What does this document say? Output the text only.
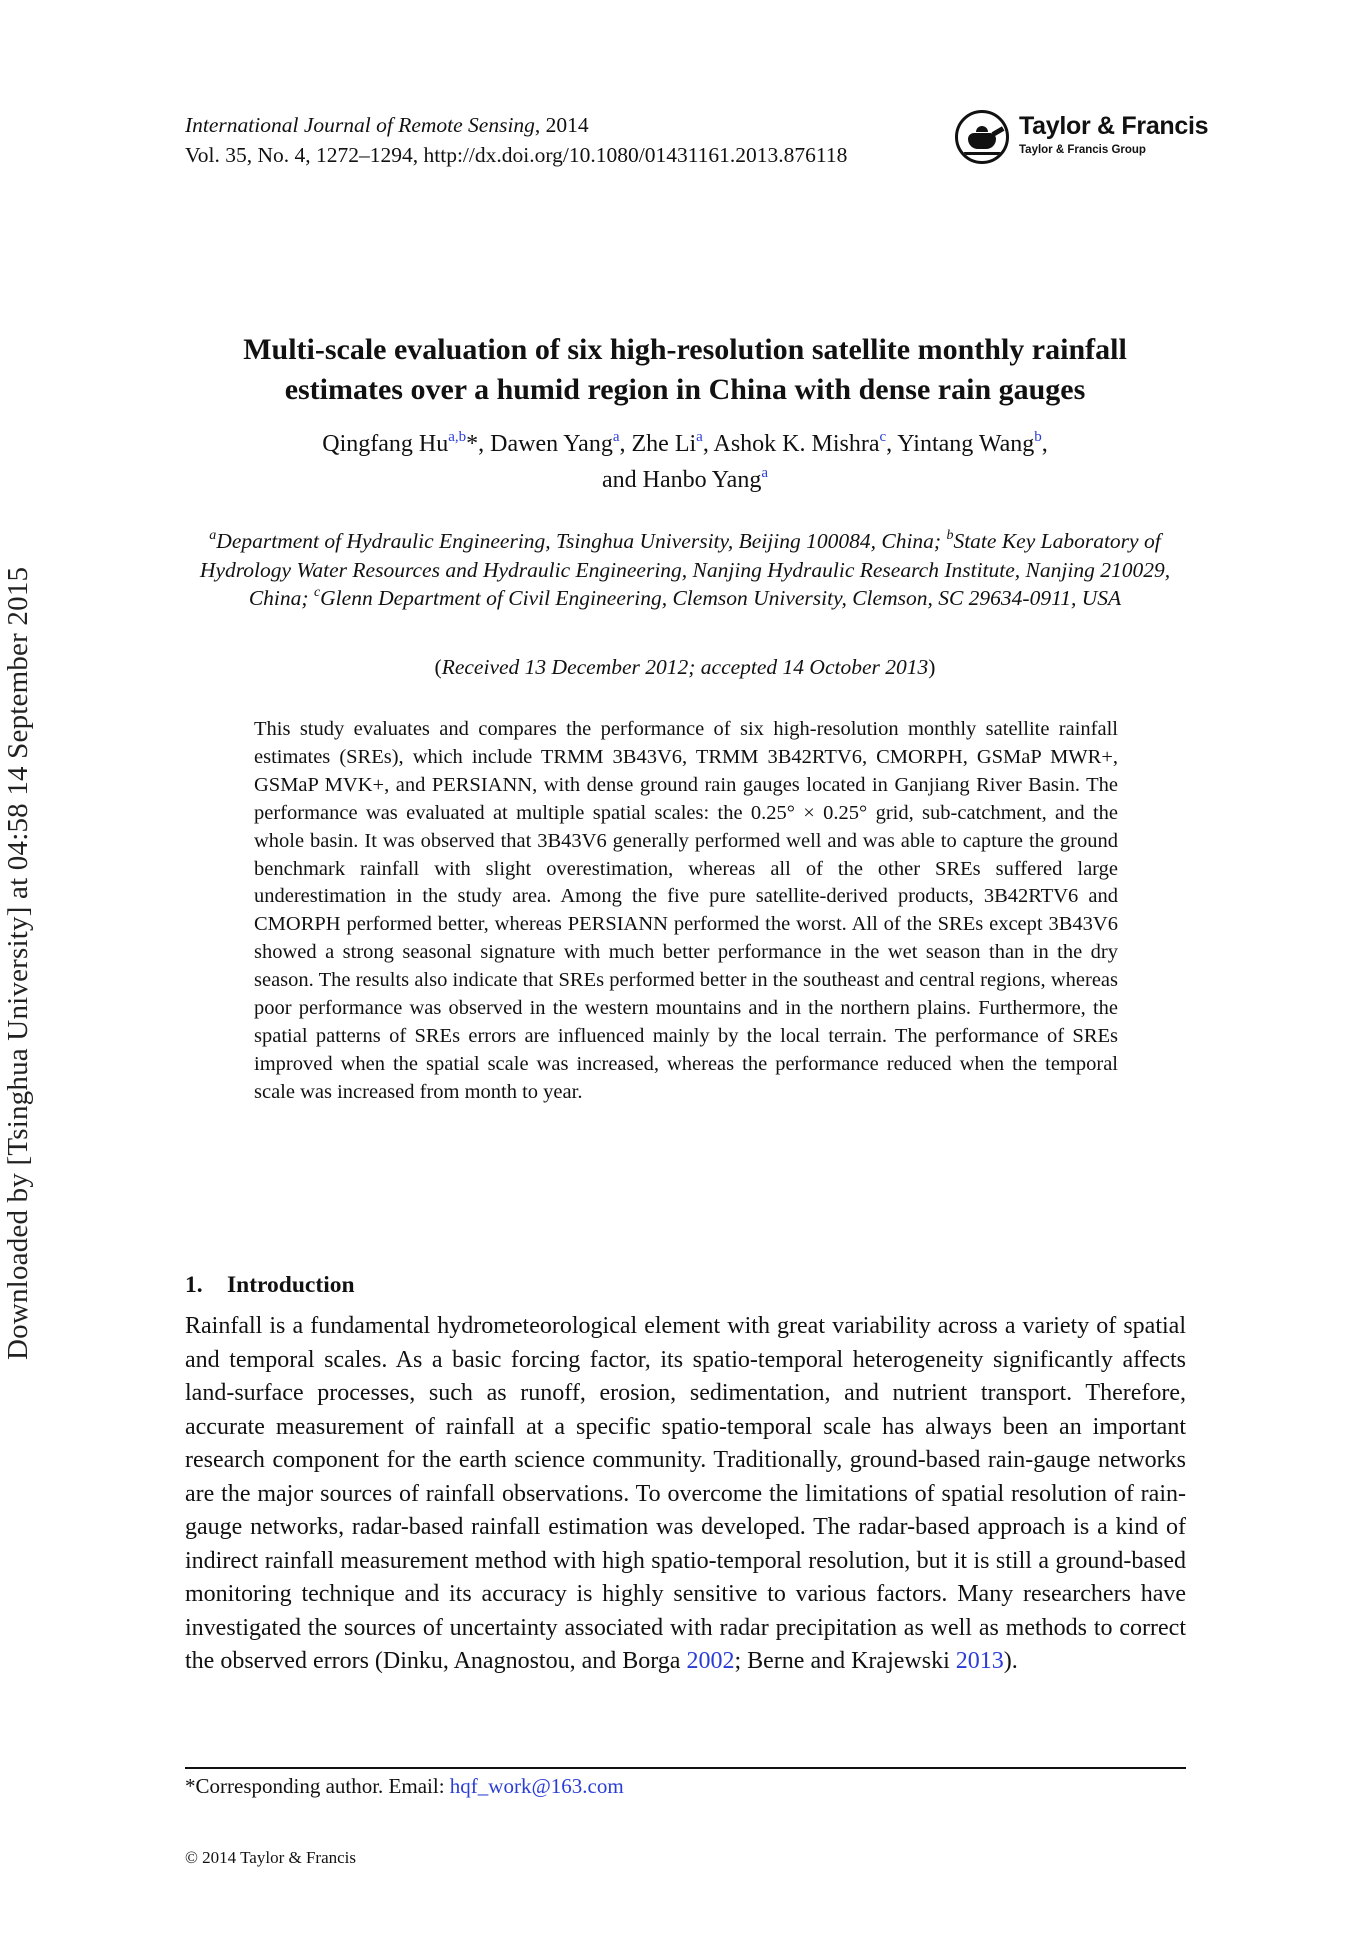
Downloaded by [Tsinghua University] at 04:58 14 September 2015
International Journal of Remote Sensing, 2014
Vol. 35, No. 4, 1272–1294, http://dx.doi.org/10.1080/01431161.2013.876118
Taylor & Francis
Taylor & Francis Group
Multi-scale evaluation of six high-resolution satellite monthly rainfall
estimates over a humid region in China with dense rain gauges
Qingfang Hu$^{a,b}$*, Dawen Yang$^a$, Zhe Li$^a$, Ashok K. Mishra$^c$, Yintang Wang$^b$,
and Hanbo Yang$^a$
$^a$Department of Hydraulic Engineering, Tsinghua University, Beijing 100084, China; $^b$State Key Laboratory of Hydrology Water Resources and Hydraulic Engineering, Nanjing Hydraulic Research Institute, Nanjing 210029, China; $^c$Glenn Department of Civil Engineering, Clemson University, Clemson, SC 29634-0911, USA
(Received 13 December 2012; accepted 14 October 2013)
This study evaluates and compares the performance of six high-resolution monthly satellite rainfall estimates (SREs), which include TRMM 3B43V6, TRMM 3B42RTV6, CMORPH, GSMaP MWR+, GSMaP MVK+, and PERSIANN, with dense ground rain gauges located in Ganjiang River Basin. The performance was evaluated at multiple spatial scales: the 0.25° × 0.25° grid, sub-catchment, and the whole basin. It was observed that 3B43V6 generally performed well and was able to capture the ground benchmark rainfall with slight overestimation, whereas all of the other SREs suffered large underestimation in the study area. Among the five pure satellite-derived products, 3B42RTV6 and CMORPH performed better, whereas PERSIANN performed the worst. All of the SREs except 3B43V6 showed a strong seasonal signature with much better performance in the wet season than in the dry season. The results also indicate that SREs performed better in the southeast and central regions, whereas poor performance was observed in the western mountains and in the northern plains. Furthermore, the spatial patterns of SREs errors are influenced mainly by the local terrain. The performance of SREs improved when the spatial scale was increased, whereas the performance reduced when the temporal scale was increased from month to year.
1. Introduction
Rainfall is a fundamental hydrometeorological element with great variability across a variety of spatial and temporal scales. As a basic forcing factor, its spatio-temporal heterogeneity significantly affects land-surface processes, such as runoff, erosion, sedimentation, and nutrient transport. Therefore, accurate measurement of rainfall at a specific spatio-temporal scale has always been an important research component for the earth science community. Traditionally, ground-based rain-gauge networks are the major sources of rainfall observations. To overcome the limitations of spatial resolution of rain-gauge networks, radar-based rainfall estimation was developed. The radar-based approach is a kind of indirect rainfall measurement method with high spatio-temporal resolution, but it is still a ground-based monitoring technique and its accuracy is highly sensitive to various factors. Many researchers have investigated the sources of uncertainty associated with radar precipitation as well as methods to correct the observed errors (Dinku, Anagnostou, and Borga 2002; Berne and Krajewski 2013).
*Corresponding author. Email: hqf_work@163.com
© 2014 Taylor & Francis
